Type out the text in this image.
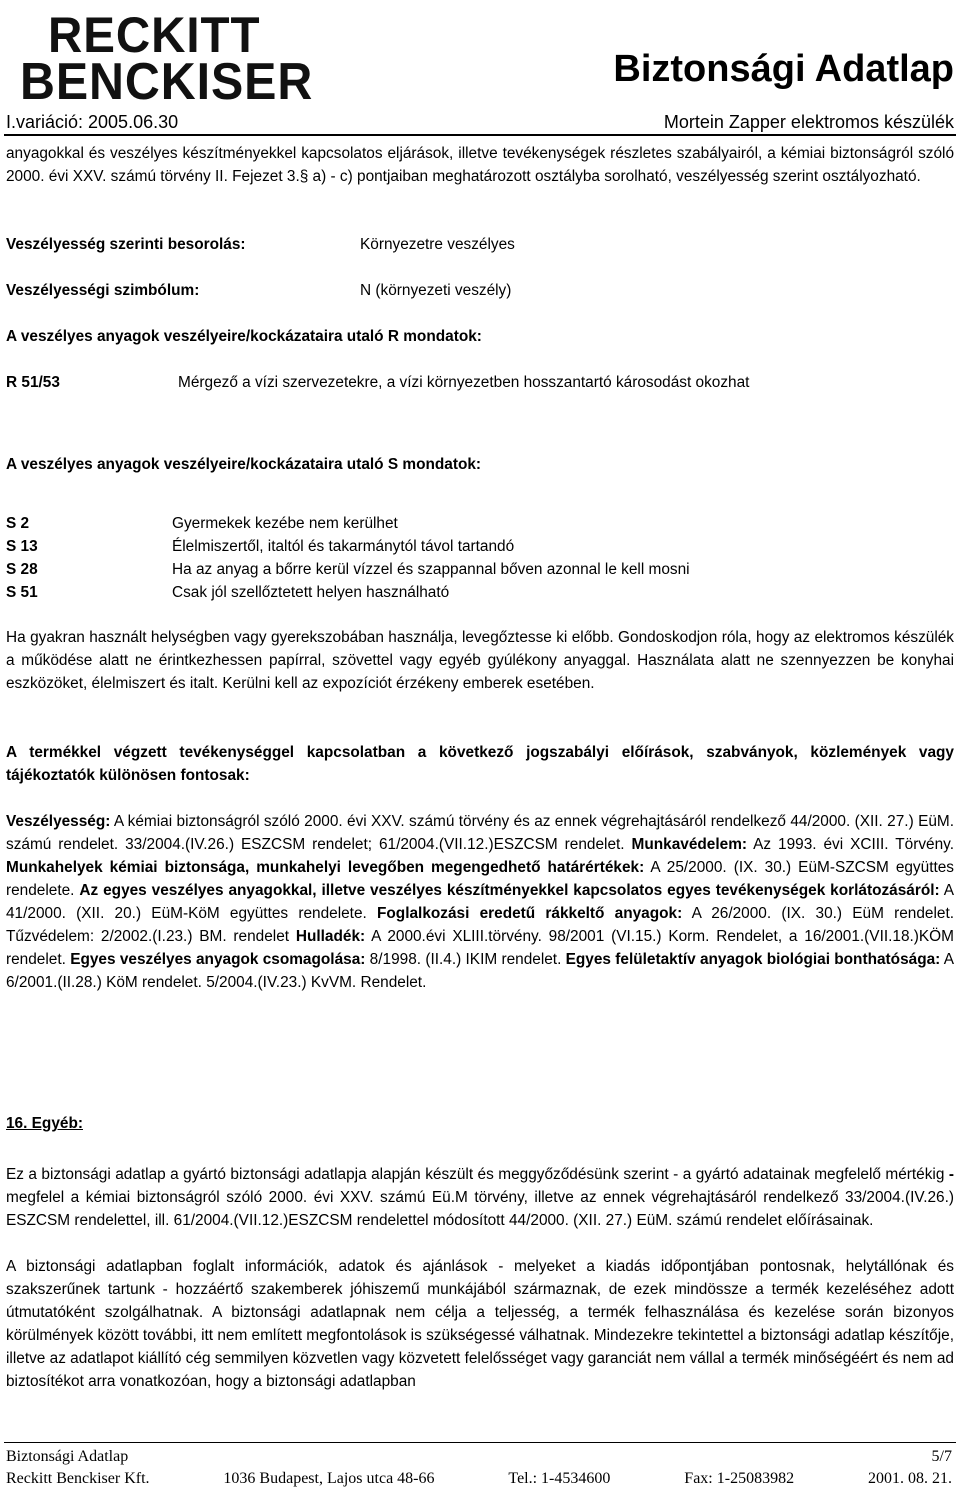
RECKITT
BENCKISER	Biztonsági Adatlap
I.variáció: 2005.06.30	Mortein Zapper elektromos készülék
anyagokkal és veszélyes készítményekkel kapcsolatos eljárások, illetve tevékenységek részletes szabályairól, a kémiai biztonságról szóló 2000. évi XXV. számú törvény II. Fejezet 3.§ a) - c) pontjaiban meghatározott osztályba sorolható, veszélyesség szerint osztályozható.
Veszélyesség szerinti besorolás:	Környezetre veszélyes
Veszélyességi szimbólum:	N (környezeti veszély)
A veszélyes anyagok veszélyeire/kockázataira utaló R mondatok:
R 51/53	Mérgező a vízi szervezetekre, a vízi környezetben hosszantartó károsodást okozhat
A veszélyes anyagok veszélyeire/kockázataira utaló S mondatok:
S 2	Gyermekek kezébe nem kerülhet
S 13	Élelmiszertől, italtól és takarmánytól távol tartandó
S 28	Ha az anyag a bőrre kerül vízzel és szappannal bőven azonnal le kell mosni
S 51	Csak jól szellőztetett helyen használható
Ha gyakran használt helységben vagy gyerekszobában használja, levegőztesse ki előbb. Gondoskodjon róla, hogy az elektromos készülék a működése alatt ne érintkezhessen papírral, szövettel vagy egyéb gyúlékony anyaggal. Használata alatt ne szennyezzen be konyhai eszközöket, élelmiszert és italt. Kerülni kell az expozíciót érzékeny emberek esetében.
A termékkel végzett tevékenységgel kapcsolatban a következő jogszabályi előírások, szabványok, közlemények vagy tájékoztatók különösen fontosak:
Veszélyesség: A kémiai biztonságról szóló 2000. évi XXV. számú törvény és az ennek végrehajtásáról rendelkező 44/2000. (XII. 27.) EüM. számú rendelet. 33/2004.(IV.26.) ESZCSM rendelet; 61/2004.(VII.12.)ESZCSM rendelet. Munkavédelem: Az 1993. évi XCIII. Törvény. Munkahelyek kémiai biztonsága, munkahelyi levegőben megengedhető határértékek: A 25/2000. (IX. 30.) EüM-SZCSM együttes rendelete. Az egyes veszélyes anyagokkal, illetve veszélyes készítményekkel kapcsolatos egyes tevékenységek korlátozásáról: A 41/2000. (XII. 20.) EüM-KöM együttes rendelete. Foglalkozási eredetű rákkeltő anyagok: A 26/2000. (IX. 30.) EüM rendelet. Tűzvédelem: 2/2002.(I.23.) BM. rendelet Hulladék: A 2000.évi XLIII.törvény. 98/2001 (VI.15.) Korm. Rendelet, a 16/2001.(VII.18.)KÖM rendelet. Egyes veszélyes anyagok csomagolása: 8/1998. (II.4.) IKIM rendelet. Egyes felületaktív anyagok biológiai bonthatósága: A 6/2001.(II.28.) KöM rendelet. 5/2004.(IV.23.) KvVM. Rendelet.
16. Egyéb:
Ez a biztonsági adatlap a gyártó biztonsági adatlapja alapján készült és meggyőződésünk szerint - a gyártó adatainak megfelelő mértékig - megfelel a kémiai biztonságról szóló 2000. évi XXV. számú Eü.M törvény, illetve az ennek végrehajtásáról rendelkező 33/2004.(IV.26.) ESZCSM rendelettel, ill. 61/2004.(VII.12.)ESZCSM rendelettel módosított 44/2000. (XII. 27.) EüM. számú rendelet előírásainak.
A biztonsági adatlapban foglalt információk, adatok és ajánlások - melyeket a kiadás időpontjában pontosnak, helytállónak és szakszerűnek tartunk - hozzáértő szakemberek jóhiszemű munkájából származnak, de ezek mindössze a termék kezeléséhez adott útmutatóként szolgálhatnak. A biztonsági adatlapnak nem célja a teljesség, a termék felhasználása és kezelése során bizonyos körülmények között további, itt nem említett megfontolások is szükségessé válhatnak. Mindezekre tekintettel a biztonsági adatlap készítője, illetve az adatlapot kiállító cég semmilyen közvetlen vagy közvetett felelősséget vagy garanciát nem vállal a termék minőségéért és nem ad biztosítékot arra vonatkozóan, hogy a biztonsági adatlapban
Biztonsági Adatlap	5/7
Reckitt Benckiser Kft.	1036 Budapest, Lajos utca 48-66	Tel.: 1-4534600	Fax: 1-25083982	2001. 08. 21.
